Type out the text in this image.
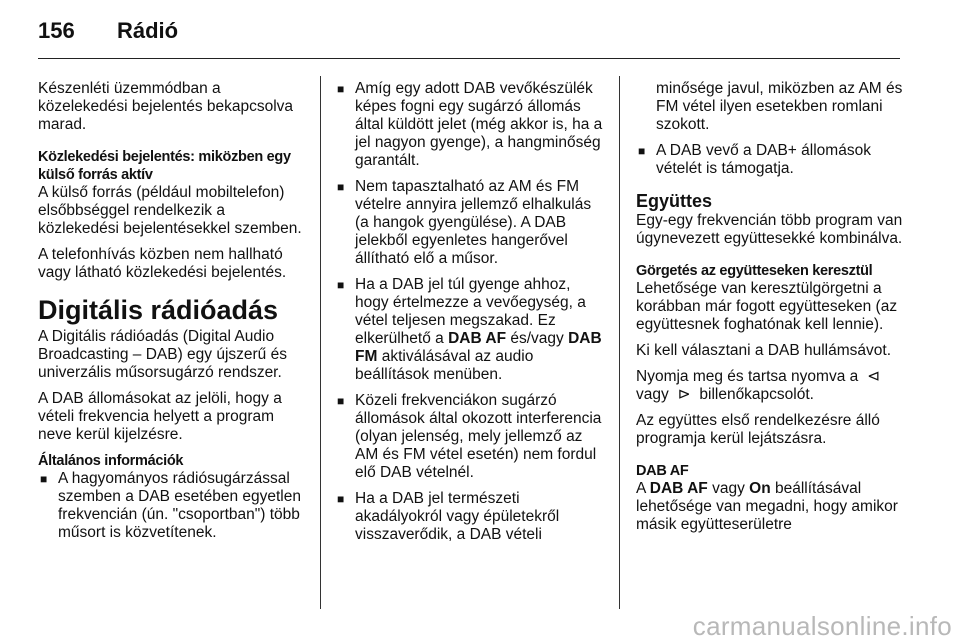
156 Rádió

Készenléti üzemmódban a közelekedési bejelentés bekapcsolva marad.

Közlekedési bejelentés: miközben egy külső forrás aktív

A külső forrás (például mobiltelefon) elsőbbséggel rendelkezik a közlekedési bejelentésekkel szemben.

A telefonhívás közben nem hallható vagy látható közlekedési bejelentés.

Digitális rádióadás

A Digitális rádióadás (Digital Audio Broadcasting – DAB) egy újszerű és univerzális műsorsugárzó rendszer.

A DAB állomásokat az jelöli, hogy a vételi frekvencia helyett a program neve kerül kijelzésre.

Általános információk
■ A hagyományos rádiósugárzással szemben a DAB esetében egyetlen frekvencián (ún. "csoportban") több műsort is közvetítenek.
■ Amíg egy adott DAB vevőkészülék képes fogni egy sugárzó állomás által küldött jelet (még akkor is, ha a jel nagyon gyenge), a hangminőség garantált.
■ Nem tapasztalható az AM és FM vételre annyira jellemző elhalkulás (a hangok gyengülése). A DAB jelekből egyenletes hangerővel állítható elő a műsor.
■ Ha a DAB jel túl gyenge ahhoz, hogy értelmezze a vevőegység, a vétel teljesen megszakad. Ez elkerülhető a DAB AF és/vagy DAB FM aktiválásával az audio beállítások menüben.
■ Közeli frekvenciákon sugárzó állomások által okozott interferencia (olyan jelenség, mely jellemző az AM és FM vétel esetén) nem fordul elő DAB vételnél.
■ Ha a DAB jel természeti akadályokról vagy épületekről visszaverődik, a DAB vételi

minősége javul, miközben az AM és FM vétel ilyen esetekben romlani szokott.

■ A DAB vevő a DAB+ állomások vételét is támogatja.
Együttes

Egy-egy frekvencián több program van úgynevezett együttesekké kombinálva.

Görgetés az együtteseken keresztül

Lehetősége van keresztülgörgetni a korábban már fogott együtteseken (az együttesnek foghatónak kell lennie).

Ki kell választani a DAB hullámsávot.

Nyomja meg és tartsa nyomva a ⊲ vagy ⊳ billenőkapcsolót.

Az együttes első rendelkezésre álló programja kerül lejátszásra.

DAB AF

A DAB AF vagy On beállításával lehetősége van megadni, hogy amikor másik együtteserületre

carmanualsonline.info
